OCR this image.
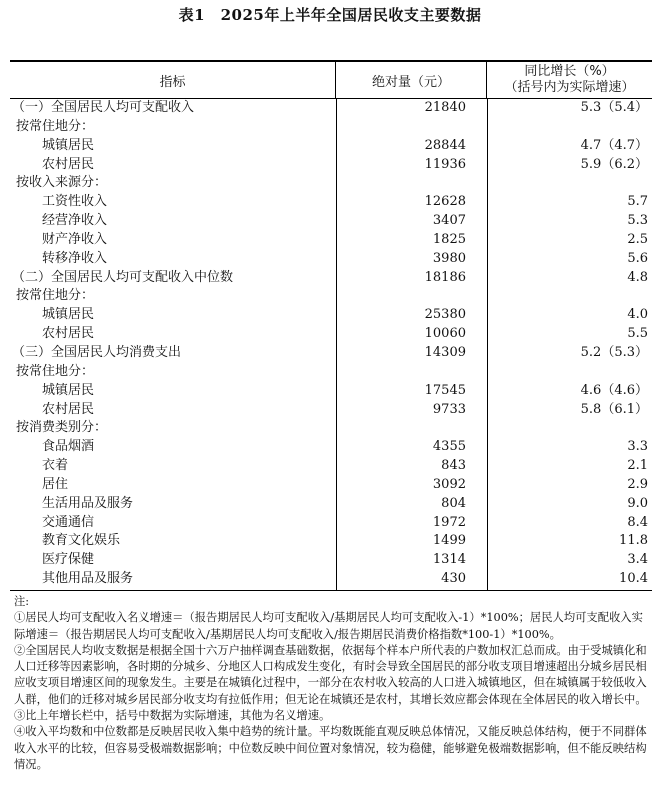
表1　2025年上半年全国居民收支主要数据
指标	绝对量（元）
同比增长（%）
（括号内为实际增速）
（一）全国居民人均可支配收入	21840	5.3（5.4）
按常住地分：
城镇居民	28844	4.7（4.7）
农村居民	11936	5.9（6.2）
按收入来源分：
工资性收入	12628	5.7
经营净收入	3407	5.3
财产净收入	1825	2.5
转移净收入	3980	5.6
（二）全国居民人均可支配收入中位数	18186	4.8
按常住地分：
城镇居民	25380	4.0
农村居民	10060	5.5
（三）全国居民人均消费支出	14309	5.2（5.3）
按常住地分：
城镇居民	17545	4.6（4.6）
农村居民	9733	5.8（6.1）
按消费类别分：
食品烟酒	4355	3.3
衣着	843	2.1
居住	3092	2.9
生活用品及服务	804	9.0
交通通信	1972	8.4
教育文化娱乐	1499	11.8
医疗保健	1314	3.4
其他用品及服务	430	10.4

注:

①居民人均可支配收入名义增速＝（报告期居民人均可支配收入/基期居民人均可支配收入-1）*100%；居民人均可支配收入实际增速＝（报告期居民人均可支配收入/基期居民人均可支配收入/报告期居民消费价格指数*100-1）*100%。

②全国居民人均收支数据是根据全国十六万户抽样调查基础数据，依据每个样本户所代表的户数加权汇总而成。由于受城镇化和人口迁移等因素影响，各时期的分城乡、分地区人口构成发生变化，有时会导致全国居民的部分收支项目增速超出分城乡居民相应收支项目增速区间的现象发生。主要是在城镇化过程中，一部分在农村收入较高的人口进入城镇地区，但在城镇属于较低收入人群，他们的迁移对城乡居民部分收支均有拉低作用；但无论在城镇还是农村，其增长效应都会体现在全体居民的收入增长中。

③比上年增长栏中，括号中数据为实际增速，其他为名义增速。

④收入平均数和中位数都是反映居民收入集中趋势的统计量。平均数既能直观反映总体情况，又能反映总体结构，便于不同群体收入水平的比较，但容易受极端数据影响；中位数反映中间位置对象情况，较为稳健，能够避免极端数据影响，但不能反映结构情况。
